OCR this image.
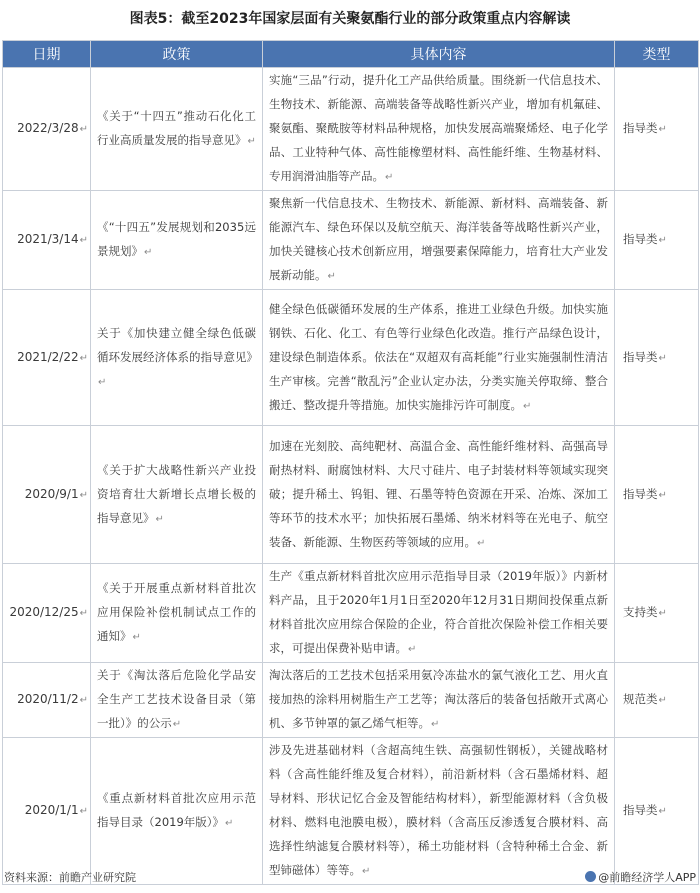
图表5：截至2023年国家层面有关聚氨酯行业的部分政策重点内容解读
日期	政策	具体内容	类型
2022/3/28↵	《关于“十四五”推动石化化工行业高质量发展的指导意见》↵	实施“三品”行动，提升化工产品供给质量。围绕新一代信息技术、生物技术、新能源、高端装备等战略性新兴产业，增加有机氟硅、聚氨酯、聚酰胺等材料品种规格，加快发展高端聚烯烃、电子化学品、工业特种气体、高性能橡塑材料、高性能纤维、生物基材料、专用润滑油脂等产品。↵	指导类↵
2021/3/14↵	《“十四五”发展规划和2035远景规划》↵	聚焦新一代信息技术、生物技术、新能源、新材料、高端装备、新能源汽车、绿色环保以及航空航天、海洋装备等战略性新兴产业，加快关键核心技术创新应用，增强要素保障能力，培育壮大产业发展新动能。↵	指导类↵
2021/2/22↵	关于《加快建立健全绿色低碳循环发展经济体系的指导意见》↵	健全绿色低碳循环发展的生产体系，推进工业绿色升级。加快实施钢铁、石化、化工、有色等行业绿色化改造。推行产品绿色设计，建设绿色制造体系。依法在“双超双有高耗能”行业实施强制性清洁生产审核。完善“散乱污”企业认定办法，分类实施关停取缔、整合搬迁、整改提升等措施。加快实施排污许可制度。↵	指导类↵
2020/9/1↵	《关于扩大战略性新兴产业投资培育壮大新增长点增长极的指导意见》↵	加速在光刻胶、高纯靶材、高温合金、高性能纤维材料、高强高导耐热材料、耐腐蚀材料、大尺寸硅片、电子封装材料等领域实现突破；提升稀土、钨钼、锂、石墨等特色资源在开采、冶炼、深加工等环节的技术水平；加快拓展石墨烯、纳米材料等在光电子、航空装备、新能源、生物医药等领域的应用。↵	指导类↵
2020/12/25↵	《关于开展重点新材料首批次应用保险补偿机制试点工作的通知》↵	生产《重点新材料首批次应用示范指导目录（2019年版）》内新材料产品，且于2020年1月1日至2020年12月31日期间投保重点新材料首批次应用综合保险的企业，符合首批次保险补偿工作相关要求，可提出保费补贴申请。↵	支持类↵
2020/11/2↵	关于《淘汰落后危险化学品安全生产工艺技术设备目录（第一批）》的公示↵	淘汰落后的工艺技术包括采用氨冷冻盐水的氯气液化工艺、用火直接加热的涂料用树脂生产工艺等；淘汰落后的装备包括敞开式离心机、多节钟罩的氯乙烯气柜等。↵	规范类↵
2020/1/1↵	《重点新材料首批次应用示范指导目录（2019年版）》↵	涉及先进基础材料（含超高纯生铁、高强韧性钢板），关键战略材料（含高性能纤维及复合材料），前沿新材料（含石墨烯材料、超导材料、形状记忆合金及智能结构材料），新型能源材料（含负极材料、燃料电池膜电极），膜材料（含高压反渗透复合膜材料、高选择性纳滤复合膜材料等），稀土功能材料（含特种稀土合金、新型铈磁体）等等。↵	指导类↵
资料来源：前瞻产业研究院	@前瞻经济学人APP
